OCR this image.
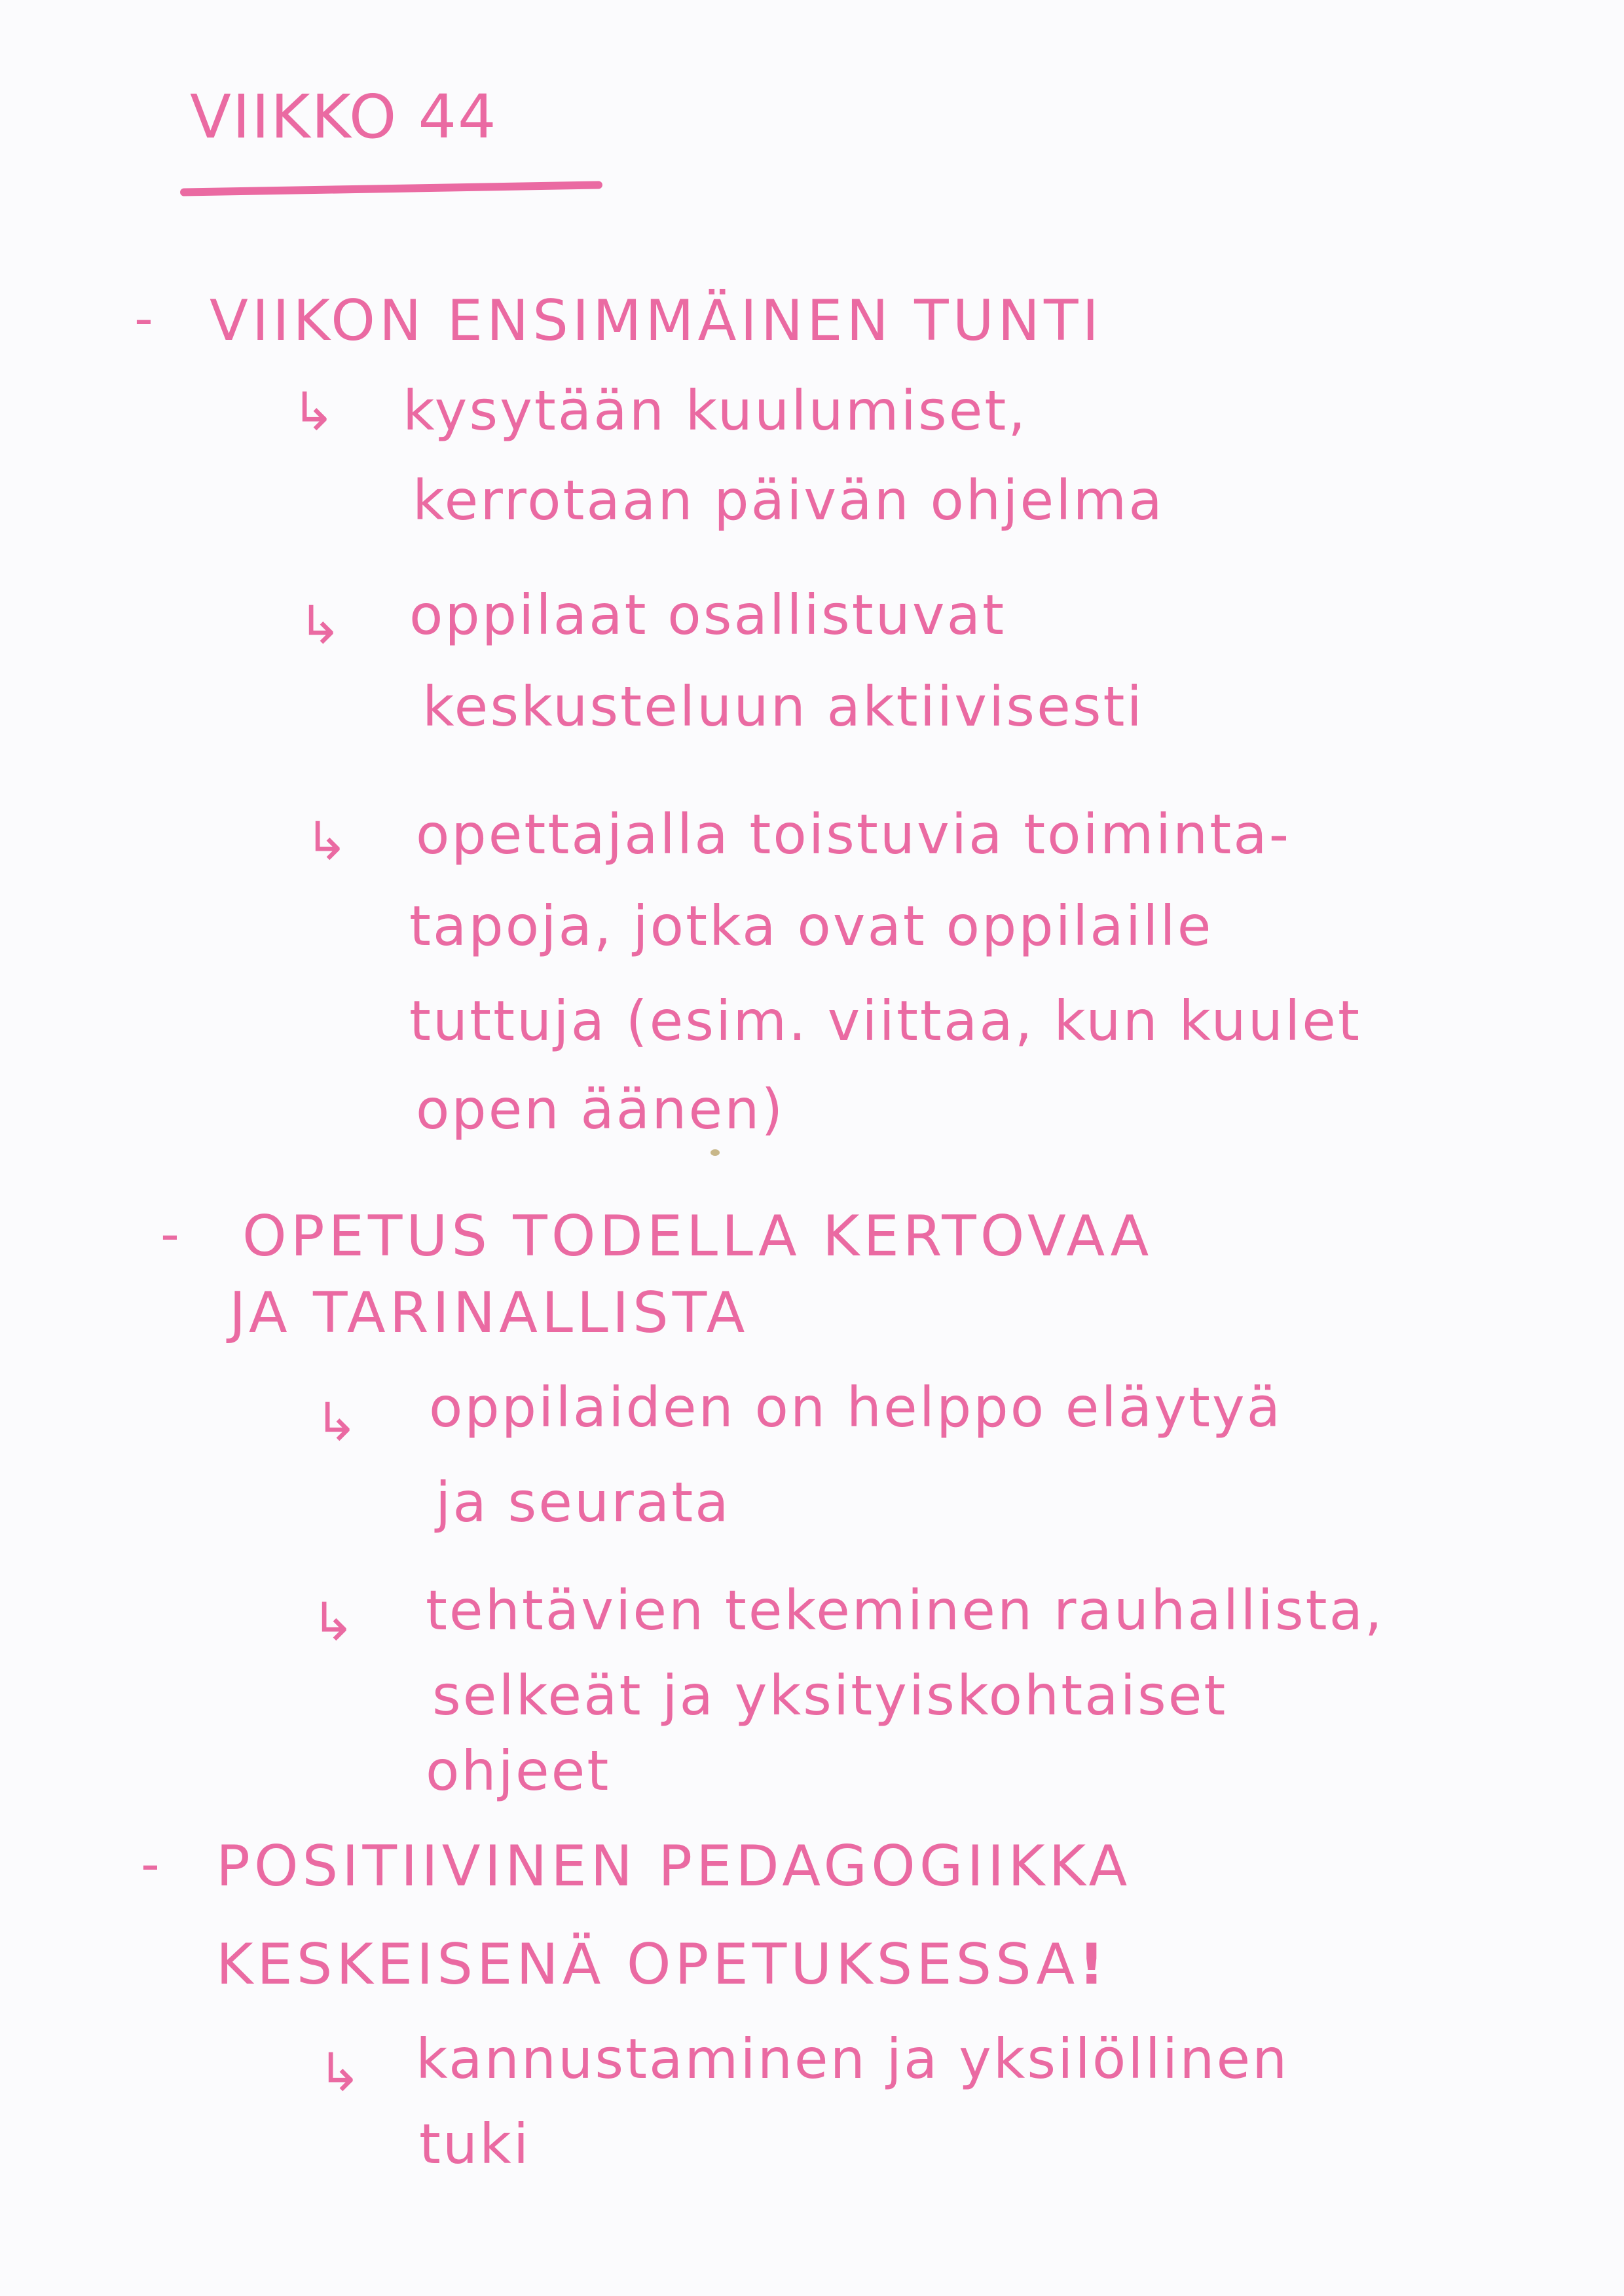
VIIKKO 44
- VIIKON ENSIMMÄINEN TUNTI
↳ kysytään kuulumiset,
kerrotaan päivän ohjelma
↳ oppilaat osallistuvat
keskusteluun aktiivisesti
↳ opettajalla toistuvia toiminta-
tapoja, jotka ovat oppilaille
tuttuja (esim. viittaa, kun kuulet
open äänen)
- OPETUS TODELLA KERTOVAA
JA TARINALLISTA
↳ oppilaiden on helppo eläytyä
ja seurata
↳ tehtävien tekeminen rauhallista,
selkeät ja yksityiskohtaiset
ohjeet
- POSITIIVINEN PEDAGOGIIKKA
KESKEISENÄ OPETUKSESSA!
↳ kannustaminen ja yksilöllinen
tuki
